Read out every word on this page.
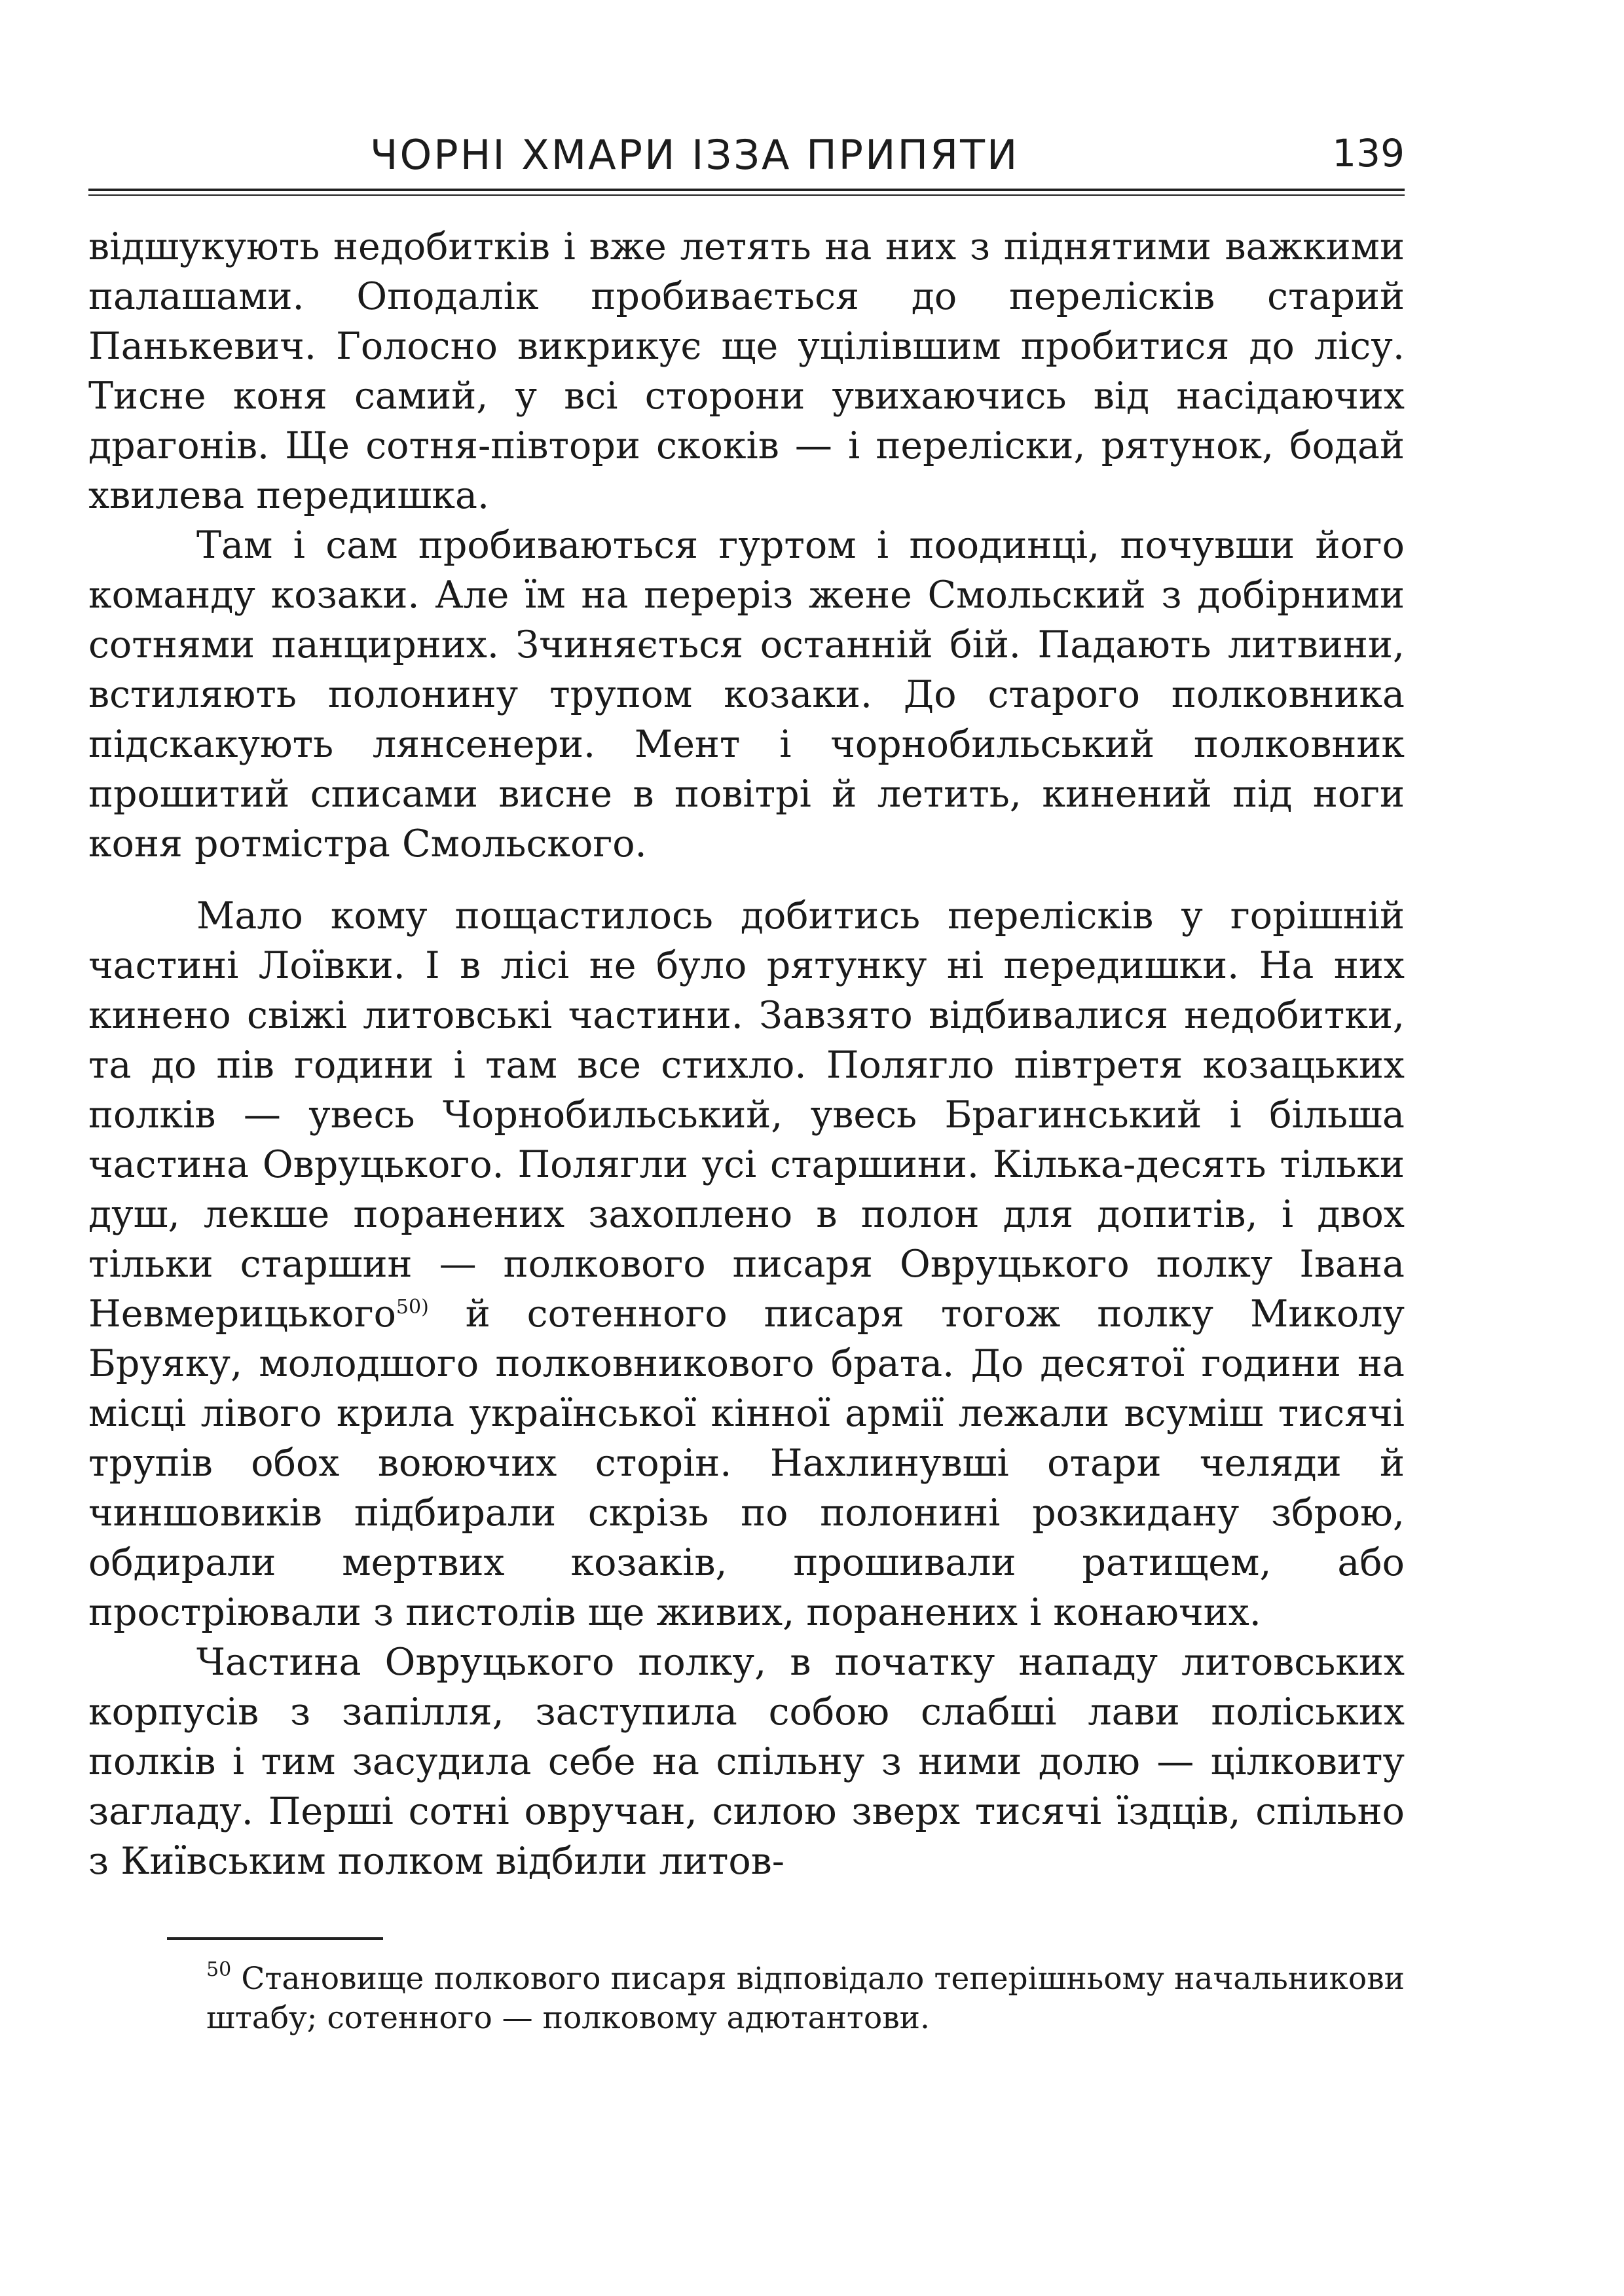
ЧОРНІ ХМАРИ ІЗЗА ПРИПЯТИ	139

відшукують недобитків і вже летять на них з піднятими важкими палашами. Оподалік пробивається до перелісків старий Панькевич. Голосно викрикує ще уцілівшим пробитися до лісу. Тисне коня самий, у всі сторони увихаючись від насідаючих драгонів. Ще сотня-півтори скоків — і переліски, рятунок, бодай хвилева передишка.

Там і сам пробиваються гуртом і поодинці, почувши його команду козаки. Але їм на переріз жене Смольский з добірними сотнями панцирних. Зчиняється останній бій. Падають литвини, встиляють полонину трупом козаки. До старого полковника підскакують лянсенери. Мент і чорнобильський полковник прошитий списами висне в повітрі й летить, кинений під ноги коня ротмістра Смольского.

Мало кому пощастилось добитись перелісків у горішній частині Лоївки. І в лісі не було рятунку ні передишки. На них кинено свіжі литовські частини. Завзято відбивалися недобитки, та до пів години і там все стихло. Полягло півтретя козацьких полків — увесь Чорнобильський, увесь Брагинський і більша частина Овруцького. Полягли усі старшини. Кілька-десять тільки душ, лекше поранених захоплено в полон для допитів, і двох тільки старшин — полкового писаря Овруцького полку Івана Невмерицького$^{50)}$ й сотенного писаря тогож полку Миколу Бруяку, молодшого полковникового брата. До десятої години на місці лівого крила української кінної армії лежали всуміш тисячі трупів обох воюючих сторін. Нахлинувші отари челяди й чиншовиків підбирали скрізь по полонині розкидану зброю, обдирали мертвих козаків, прошивали ратищем, або простріювали з пистолів ще живих, поранених і конаючих.

Частина Овруцького полку, в початку нападу литовських корпусів з запілля, заступила собою слабші лави поліських полків і тим засудила себе на спільну з ними долю — цілковиту загладу. Перші сотні овручан, силою зверх тисячі їздців, спільно з Київським полком відбили литов-

$^{50}$ Становище полкового писаря відповідало теперішньому начальникови штабу; сотенного — полковому адютантови.
